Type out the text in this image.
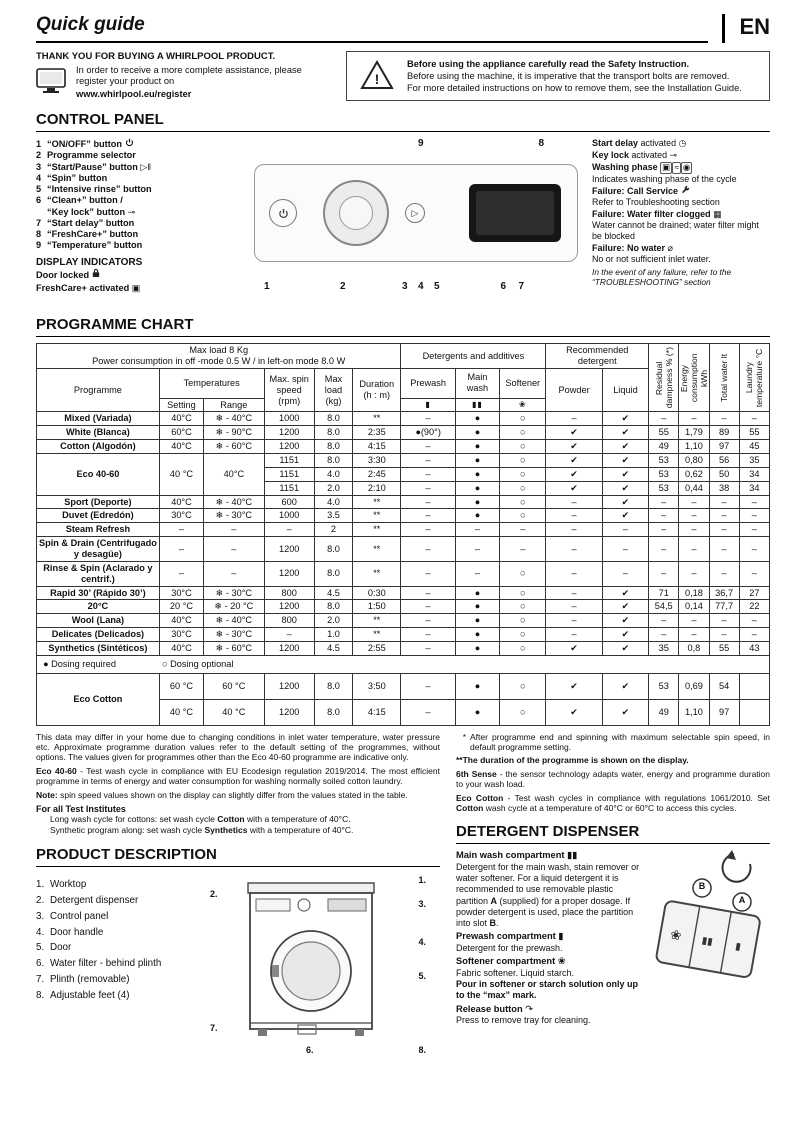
Quick guide	EN
THANK YOU FOR BUYING A WHIRLPOOL PRODUCT.
In order to receive a more complete assistance, please register your product on
www.whirlpool.eu/register
!
Before using the appliance carefully read the Safety Instruction.
Before using the machine, it is imperative that the transport bolts are removed.
For more detailed instructions on how to remove them, see the Installation Guide.
CONTROL PANEL
1 “ON/OFF” button
2 Programme selector
3 “Start/Pause” button ▷‖
4 “Spin” button
5 “Intensive rinse” button
6 “Clean+” button /
“Key lock” button ⊸
7 “Start delay” button
8 “FreshCare+” button
9 “Temperature” button
DISPLAY INDICATORS
Door locked
FreshCare+ activated ▣
9	8
▷
1	2	3 4 5	6 7
Start delay activated ◷
Key lock activated ⊸
Washing phase ▣ ≈ ◉
Indicates washing phase of the cycle
Failure: Call Service
Refer to Troubleshooting section
Failure: Water filter clogged ▦
Water cannot be drained; water filter might be blocked
Failure: No water ⌀
No or not sufficient inlet water.
In the event of any failure, refer to the “TROUBLESHOOTING” section
PROGRAMME CHART
Max load 8 Kg
Power consumption in off -mode 0.5 W / in left-on mode 8.0 W						Detergents and additives			Recommended
detergent		Residual
dampness % (*)	Energy
consumption
kWh	Total water lt	Laundry
temperature °C
Programme	Temperatures		Max. spin
speed
(rpm)	Max
load
(kg)	Duration
(h : m)	Prewash	Main
wash	Softener	Powder	Liquid				
	Setting	Range				▮	▮▮	❀						
Mixed (Variada)	40°C	❄ - 40°C	1000	8.0	**	–	●	○	–	✔	–	–	–	–
White (Blanca)	60°C	❄ - 90°C	1200	8.0	2:35	●(90°)	●	○	✔	✔	55	1,79	89	55
Cotton (Algodón)	40°C	❄ - 60°C	1200	8.0	4:15	–	●	○	✔	✔	49	1,10	97	45
Eco 40-60	40 °C	40°C	1151	8.0	3:30	–	●	○	✔	✔	53	0,80	56	35
			1151	4.0	2:45	–	●	○	✔	✔	53	0,62	50	34
			1151	2.0	2:10	–	●	○	✔	✔	53	0,44	38	34
Sport (Deporte)	40°C	❄ - 40°C	600	4.0	**	–	●	○	–	✔	–	–	–	–
Duvet (Edredón)	30°C	❄ - 30°C	1000	3.5	**	–	●	○	–	✔	–	–	–	–
Steam Refresh	–	–	–	2	**	–	–	–	–	–	–	–	–	–
Spin & Drain (Centrifugado y desagüe)	–	–	1200	8.0	**	–	–	–	–	–	–	–	–	–
Rinse & Spin (Aclarado y centrif.)	–	–	1200	8.0	**	–	–	○	–	–	–	–	–	–
Rapid 30’ (Rápido 30’)	30°C	❄ - 30°C	800	4.5	0:30	–	●	○	–	✔	71	0,18	36,7	27
20°C	20 °C	❄ - 20 °C	1200	8.0	1:50	–	●	○	–	✔	54,5	0,14	77,7	22
Wool (Lana)	40°C	❄ - 40°C	800	2.0	**	–	●	○	–	✔	–	–	–	–
Delicates (Delicados)	30°C	❄ - 30°C	–	1.0	**	–	●	○	–	✔	–	–	–	–
Synthetics (Sintéticos)	40°C	❄ - 60°C	1200	4.5	2:55	–	●	○	✔	✔	35	0,8	55	43
● Dosing required ○ Dosing optional														
Eco Cotton	60 °C	60 °C	1200	8.0	3:50	–	●	○	✔	✔	53	0,69	54	
	40 °C	40 °C	1200	8.0	4:15	–	●	○	✔	✔	49	1,10	97	

This data may differ in your home due to changing conditions in inlet water temperature, water pressure etc. Approximate programme duration values refer to the default setting of the programmes, without options. The values given for programmes other than the Eco 40-60 programme are indicative only.

Eco 40-60 - Test wash cycle in compliance with EU Ecodesign regulation 2019/2014. The most efficient programme in terms of energy and water consumption for washing normally soiled cotton laundry.

Note: spin speed values shown on the display can slightly differ from the values stated in the table.

For all Test Institutes
Long wash cycle for cottons: set wash cycle Cotton with a temperature of 40°C.
Synthetic program along: set wash cycle Synthetics with a temperature of 40°C.
PRODUCT DESCRIPTION
1. Worktop
2. Detergent dispenser
3. Control panel
4. Door handle
5. Door
6. Water filter - behind plinth
7. Plinth (removable)
8. Adjustable feet (4)
1.
2.
3.
4.
5.
6.
7.
8.

* After programme end and spinning with maximum selectable spin speed, in default programme setting.

**The duration of the programme is shown on the display.

6th Sense - the sensor technology adapts water, energy and programme duration to your wash load.

Eco Cotton - Test wash cycles in compliance with regulations 1061/2010. Set Cotton wash cycle at a temperature of 40°C or 60°C to access this cycles.

DETERGENT DISPENSER
❀ ▮▮ ▮
B
A
Main wash compartment ▮▮
Detergent for the main wash, stain remover or water softener. For a liquid detergent it is recommended to use removable plastic partition A (supplied) for a proper dosage. If powder detergent is used, place the partition into slot B.
Prewash compartment ▮
Detergent for the prewash.
Softener compartment ❀
Fabric softener. Liquid starch.
Pour in softener or starch solution only up to the “max” mark.
Release button ↷
Press to remove tray for cleaning.
